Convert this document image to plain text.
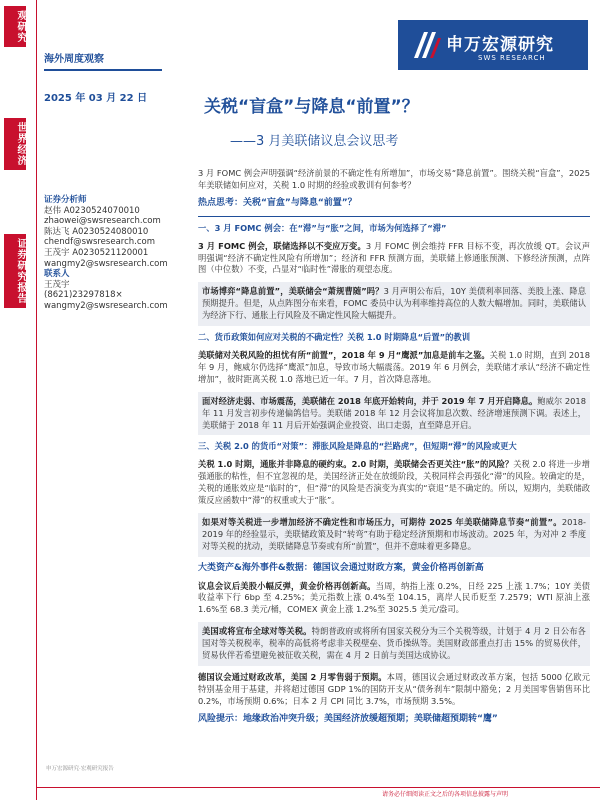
观研究
世界经济
证券研究报告
海外周度观察
2025 年 03 月 22 日
申万宏源研究
SWS RESEARCH
关税“盲盒”与降息“前置”？
——3 月美联储议息会议思考
证券分析师
赵伟 A0230524070010
zhaowei@swsresearch.com
陈达飞 A0230524080010
chendf@swsresearch.com
王茂宇 A0230521120001
wangmy2@swsresearch.com
联系人
王茂宇
(8621)23297818×
wangmy2@swsresearch.com

3 月 FOMC 例会声明强调“经济前景的不确定性有所增加”，市场交易“降息前置”。围绕关税“盲盒”，2025 年美联储如何应对，关税 1.0 时期的经验或教训有何参考？

热点思考：关税“盲盒”与降息“前置”？
一、3 月 FOMC 例会：在“滞”与“胀”之间，市场为何选择了“滞”

3 月 FOMC 例会，联储选择以不变应万变。3 月 FOMC 例会维持 FFR 目标不变，再次放缓 QT。会议声明强调“经济不确定性风险有所增加”；经济和 FFR 预测方面，美联储上修通胀预测、下修经济预测，点阵图（中位数）不变，凸显对“临时性”滞胀的观望态度。

市场博弈“降息前置”，美联储会“萧规曹随”吗？3 月声明公布后，10Y 美债利率回落、美股上涨、降息预期提升。但是，从点阵图分布来看，FOMC 委员中认为利率维持高位的人数大幅增加。同时，美联储认为经济下行、通胀上行风险及不确定性风险大幅提升。

二、货币政策如何应对关税的不确定性？关税 1.0 时期降息“后置”的教训

美联储对关税风险的担忧有所“前置”，2018 年 9 月“鹰派”加息是前车之鉴。关税 1.0 时期，直到 2018 年 9 月，鲍威尔仍选择“鹰派”加息，导致市场大幅震荡。2019 年 6 月例会，美联储才承认“经济不确定性增加”，彼时距离关税 1.0 落地已近一年。7 月，首次降息落地。

面对经济走弱、市场震荡，美联储在 2018 年底开始转向，并于 2019 年 7 月开启降息。鲍威尔 2018 年 11 月发言初步传递偏鸽信号。美联储 2018 年 12 月会议将加息次数、经济增速预测下调。表述上，美联储于 2018 年 11 月后开始强调企业投资、出口走弱，直至降息开启。

三、关税 2.0 的货币“对策”：滞胀风险是降息的“拦路虎”，但短期“滞”的风险或更大

关税 1.0 时期，通胀并非降息的硬约束。2.0 时期，美联储会否更关注“胀”的风险？关税 2.0 将进一步增强通胀的粘性，但不宜忽视的是，美国经济正处在放缓阶段，关税同样会再强化“滞”的风险。较确定的是，关税的通胀效应是“临时的”，但“滞”的风险是否演变为真实的“衰退”是不确定的。所以，短期内，美联储政策反应函数中“滞”的权重或大于“胀”。

如果对等关税进一步增加经济不确定性和市场压力，可期待 2025 年美联储降息节奏“前置”。2018-2019 年的经验显示，美联储政策及时“转弯”有助于稳定经济预期和市场波动。2025 年，为对冲 2 季度对等关税的扰动，美联储降息节奏或有所“前置”，但并不意味着更多降息。

大类资产&海外事件&数据：德国议会通过财政方案，黄金价格再创新高

议息会议后美股小幅反弹，黄金价格再创新高。当周，纳指上涨 0.2%，日经 225 上涨 1.7%；10Y 美债收益率下行 6bp 至 4.25%；美元指数上涨 0.4%至 104.15，离岸人民币贬至 7.2579；WTI 原油上涨 1.6%至 68.3 美元/桶，COMEX 黄金上涨 1.2%至 3025.5 美元/盎司。

美国或将宣布全球对等关税。特朗普政府或将所有国家关税分为三个关税等级，计划于 4 月 2 日公布各国对等关税税率，税率的高低将考虑非关税壁垒、货币操纵等。美国财政部重点打击 15% 的贸易伙伴，贸易伙伴若希望避免被征收关税，需在 4 月 2 日前与美国达成协议。

德国议会通过财政改革，美国 2 月零售弱于预期。本周，德国议会通过财政改革方案，包括 5000 亿欧元特别基金用于基建，并将超过德国 GDP 1%的国防开支从“债务刹车”限制中豁免；2 月美国零售销售环比 0.2%，市场预期 0.6%；日本 2 月 CPI 同比 3.7%，市场预期 3.5%。

风险提示：地缘政治冲突升级；美国经济放缓超预期；美联储超预期转“鹰”

申万宏源研究·宏观研究报告
请务必仔细阅读正文之后的各项信息披露与声明
